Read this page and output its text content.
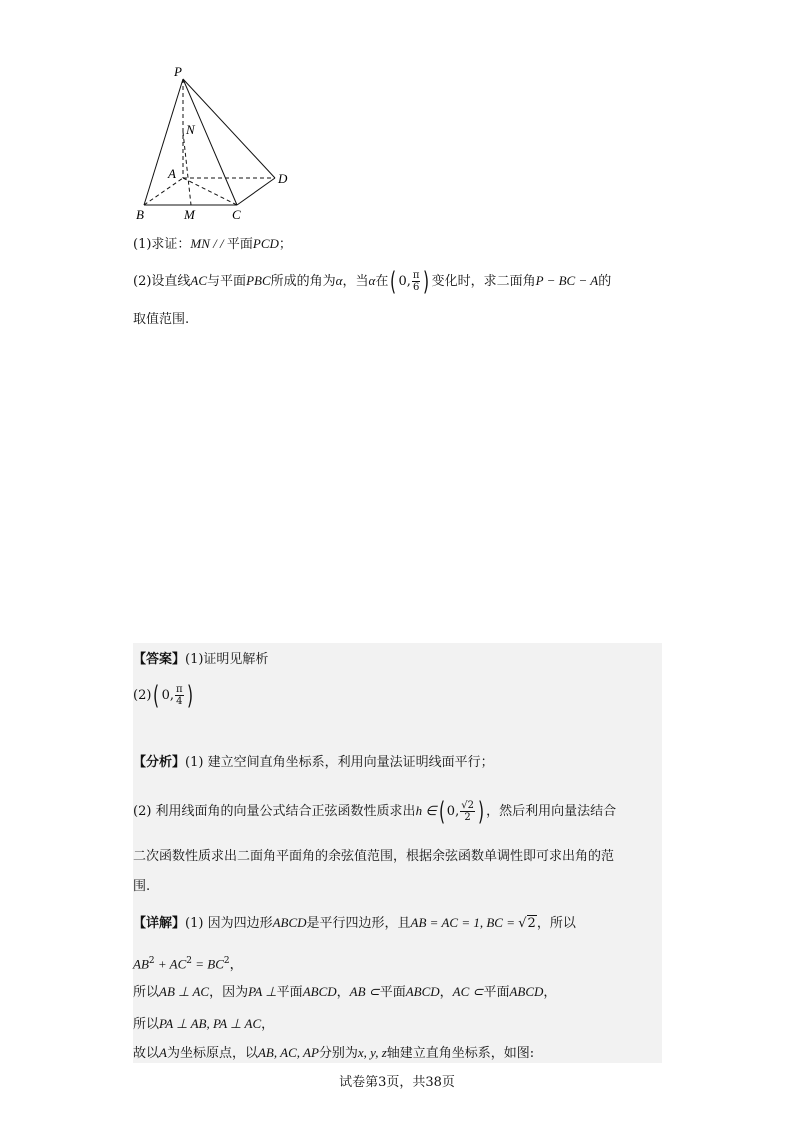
P
N
A	D
B	M	C
(1)求证：MN / / 平面PCD；
(2)设直线AC与平面PBC所成的角为α，当α在( 0, $\frac{\pi}{6}$ ) 变化时，求二面角P − BC − A的
取值范围.
【答案】(1)证明见解析
(2)( 0, $\frac{\pi}{4}$ )
【分析】(1) 建立空间直角坐标系，利用向量法证明线面平行；
(2) 利用线面角的向量公式结合正弦函数性质求出h ∈( 0, $\frac{√2}{2}$ ) ，然后利用向量法结合
二次函数性质求出二面角平面角的余弦值范围，根据余弦函数单调性即可求出角的范
围.
【详解】(1) 因为四边形ABCD是平行四边形，且AB = AC = 1, BC = √2，所以
$AB^2 + AC^2 = BC^2$，
所以AB ⊥ AC，因为PA ⊥平面ABCD，AB ⊂平面ABCD，AC ⊂平面ABCD，
所以PA ⊥ AB, PA ⊥ AC，
故以A为坐标原点，以AB, AC, AP分别为x, y, z轴建立直角坐标系，如图:
试卷第3页，共38页
